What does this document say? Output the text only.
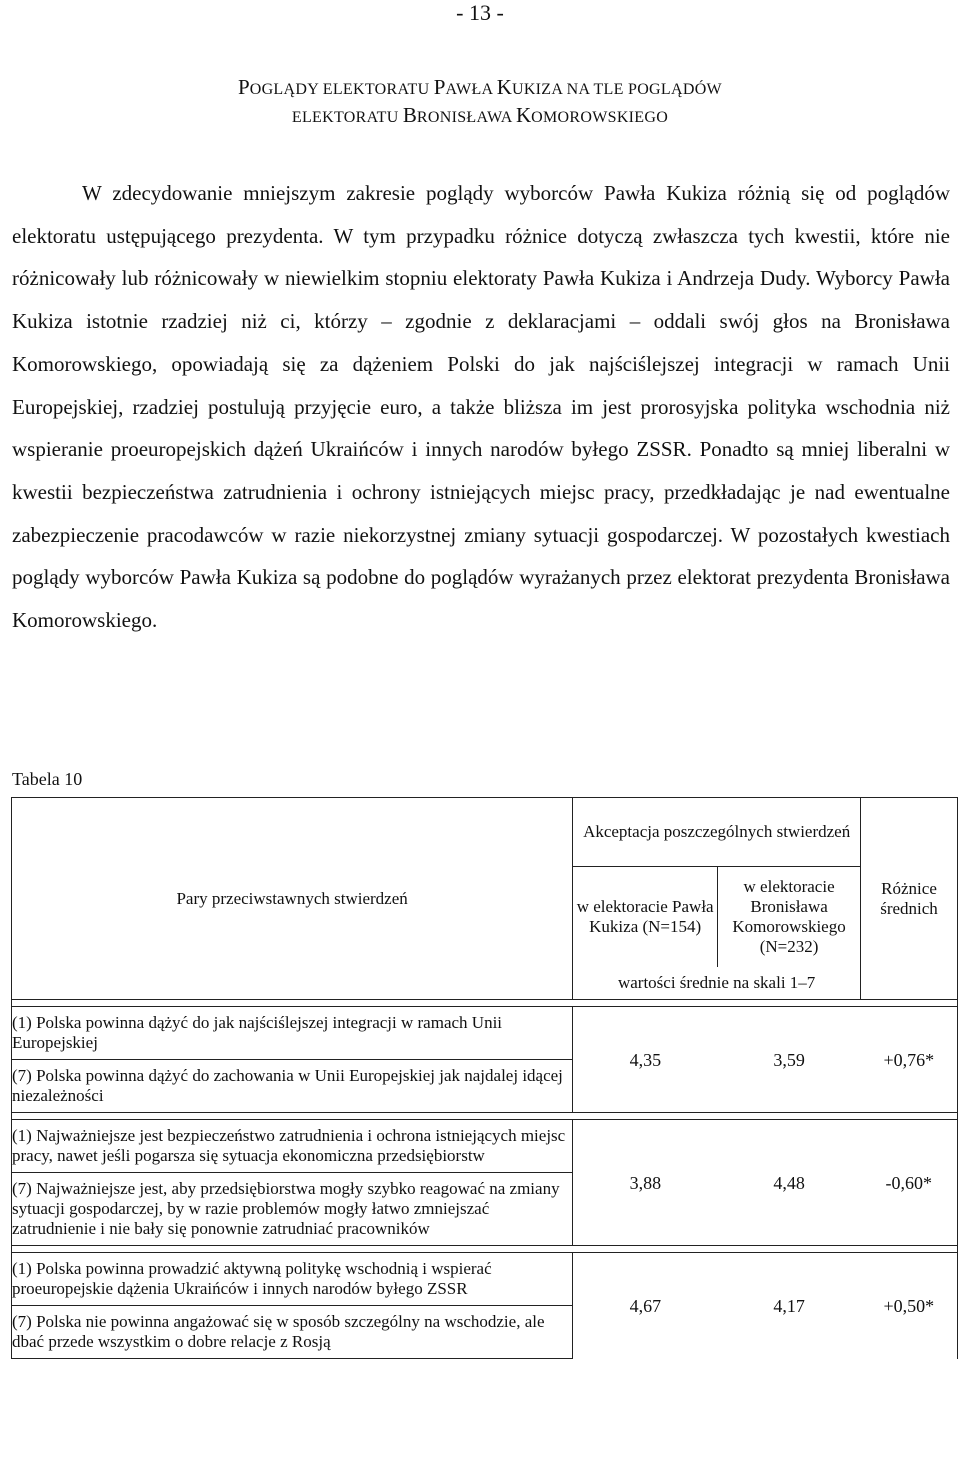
- 13 -
POGLĄDY ELEKTORATU PAWŁA KUKIZA NA TLE POGLĄDÓW
ELEKTORATU BRONISŁAWA KOMOROWSKIEGO

W zdecydowanie mniejszym zakresie poglądy wyborców Pawła Kukiza różnią się od poglądów elektoratu ustępującego prezydenta. W tym przypadku różnice dotyczą zwłaszcza tych kwestii, które nie różnicowały lub różnicowały w niewielkim stopniu elektoraty Pawła Kukiza i Andrzeja Dudy. Wyborcy Pawła Kukiza istotnie rzadziej niż ci, którzy – zgodnie z deklaracjami – oddali swój głos na Bronisława Komorowskiego, opowiadają się za dążeniem Polski do jak najściślejszej integracji w ramach Unii Europejskiej, rzadziej postulują przyjęcie euro, a także bliższa im jest prorosyjska polityka wschodnia niż wspieranie proeuropejskich dążeń Ukraińców i innych narodów byłego ZSSR. Ponadto są mniej liberalni w kwestii bezpieczeństwa zatrudnienia i ochrony istniejących miejsc pracy, przedkładając je nad ewentualne zabezpieczenie pracodawców w razie niekorzystnej zmiany sytuacji gospodarczej. W pozostałych kwestiach poglądy wyborców Pawła Kukiza są podobne do poglądów wyrażanych przez elektorat prezydenta Bronisława Komorowskiego.

Tabela 10
Pary przeciwstawnych stwierdzeń	Akceptacja poszczególnych stwierdzeń		Różnice średnich
	w elektoracie Pawła Kukiza (N=154)	w elektoracie Bronisława Komorowskiego (N=232)	
	wartości średnie na skali 1–7		

(1) Polska powinna dążyć do jak najściślejszej integracji w ramach Unii Europejskiej
(7) Polska powinna dążyć do zachowania w Unii Europejskiej jak najdalej idącej niezależności	4,35	3,59	+0,76*

(1) Najważniejsze jest bezpieczeństwo zatrudnienia i ochrona istniejących miejsc pracy, nawet jeśli pogarsza się sytuacja ekonomiczna przedsiębiorstw
(7) Najważniejsze jest, aby przedsiębiorstwa mogły szybko reagować na zmiany sytuacji gospodarczej, by w razie problemów mogły łatwo zmniejszać zatrudnienie i nie bały się ponownie zatrudniać pracowników	3,88	4,48	-0,60*

(1) Polska powinna prowadzić aktywną politykę wschodnią i wspierać proeuropejskie dążenia Ukraińców i innych narodów byłego ZSSR
(7) Polska nie powinna angażować się w sposób szczególny na wschodzie, ale dbać przede wszystkim o dobre relacje z Rosją	4,67	4,17	+0,50*
